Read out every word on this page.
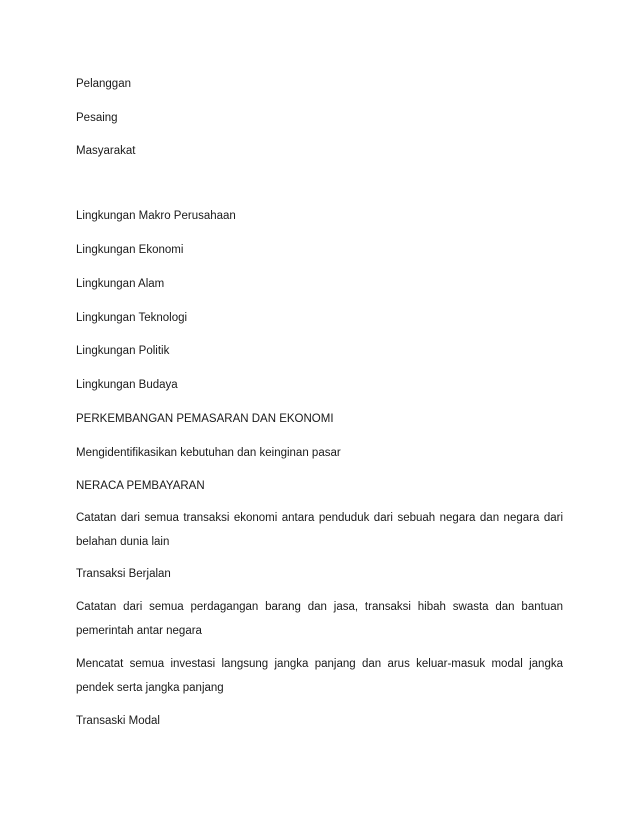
Pelanggan

Pesaing

Masyarakat

Lingkungan Makro Perusahaan

Lingkungan Ekonomi

Lingkungan Alam

Lingkungan Teknologi

Lingkungan Politik

Lingkungan Budaya

PERKEMBANGAN PEMASARAN DAN EKONOMI

Mengidentifikasikan kebutuhan dan keinginan pasar

NERACA PEMBAYARAN

Catatan dari semua transaksi ekonomi antara penduduk dari sebuah negara dan negara dari belahan dunia lain

Transaksi Berjalan

Catatan dari semua perdagangan barang dan jasa, transaksi hibah swasta dan bantuan pemerintah antar negara

Mencatat semua investasi langsung jangka panjang dan arus keluar-masuk modal jangka pendek serta jangka panjang

Transaski Modal
